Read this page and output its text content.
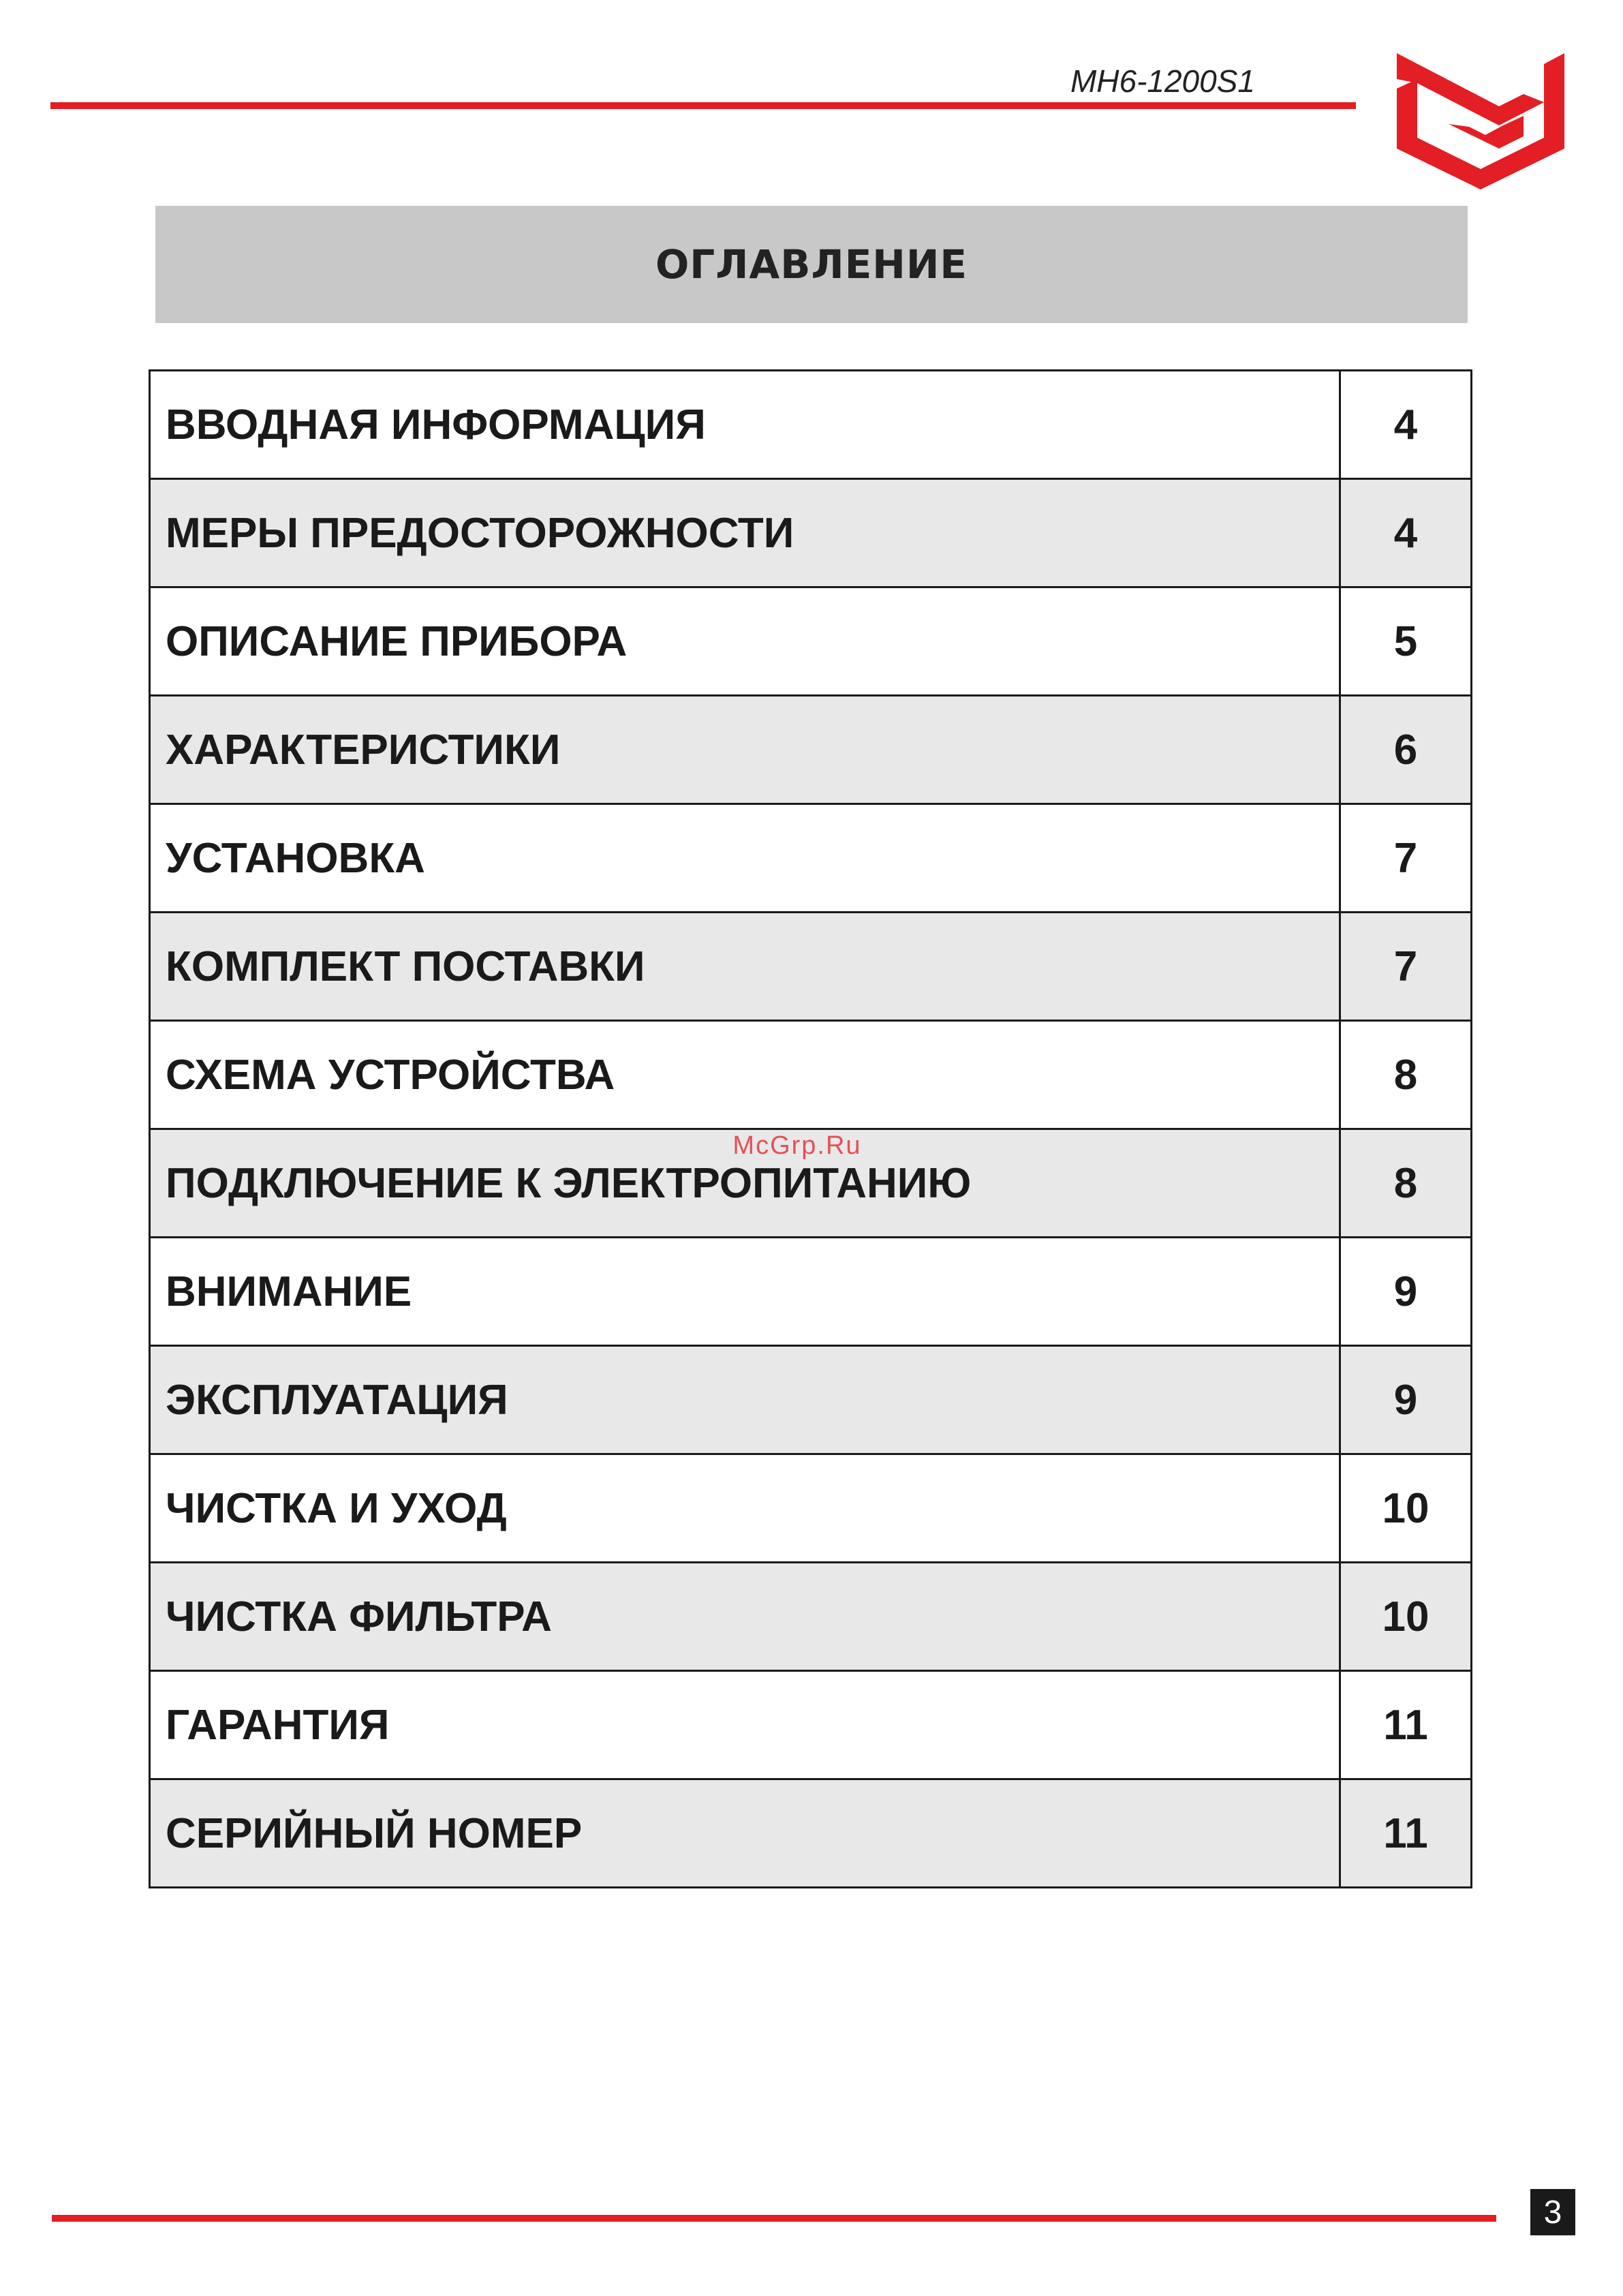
MH6-1200S1
ОГЛАВЛЕНИЕ
ВВОДНАЯ ИНФОРМАЦИЯ	4
МЕРЫ ПРЕДОСТОРОЖНОСТИ	4
ОПИСАНИЕ ПРИБОРА	5
ХАРАКТЕРИСТИКИ	6
УСТАНОВКА	7
КОМПЛЕКТ ПОСТАВКИ	7
СХЕМА УСТРОЙСТВА	8
ПОДКЛЮЧЕНИЕ К ЭЛЕКТРОПИТАНИЮ	8
ВНИМАНИЕ	9
ЭКСПЛУАТАЦИЯ	9
ЧИСТКА И УХОД	10
ЧИСТКА ФИЛЬТРА	10
ГАРАНТИЯ	11
СЕРИЙНЫЙ НОМЕР	11
McGrp.Ru
3
